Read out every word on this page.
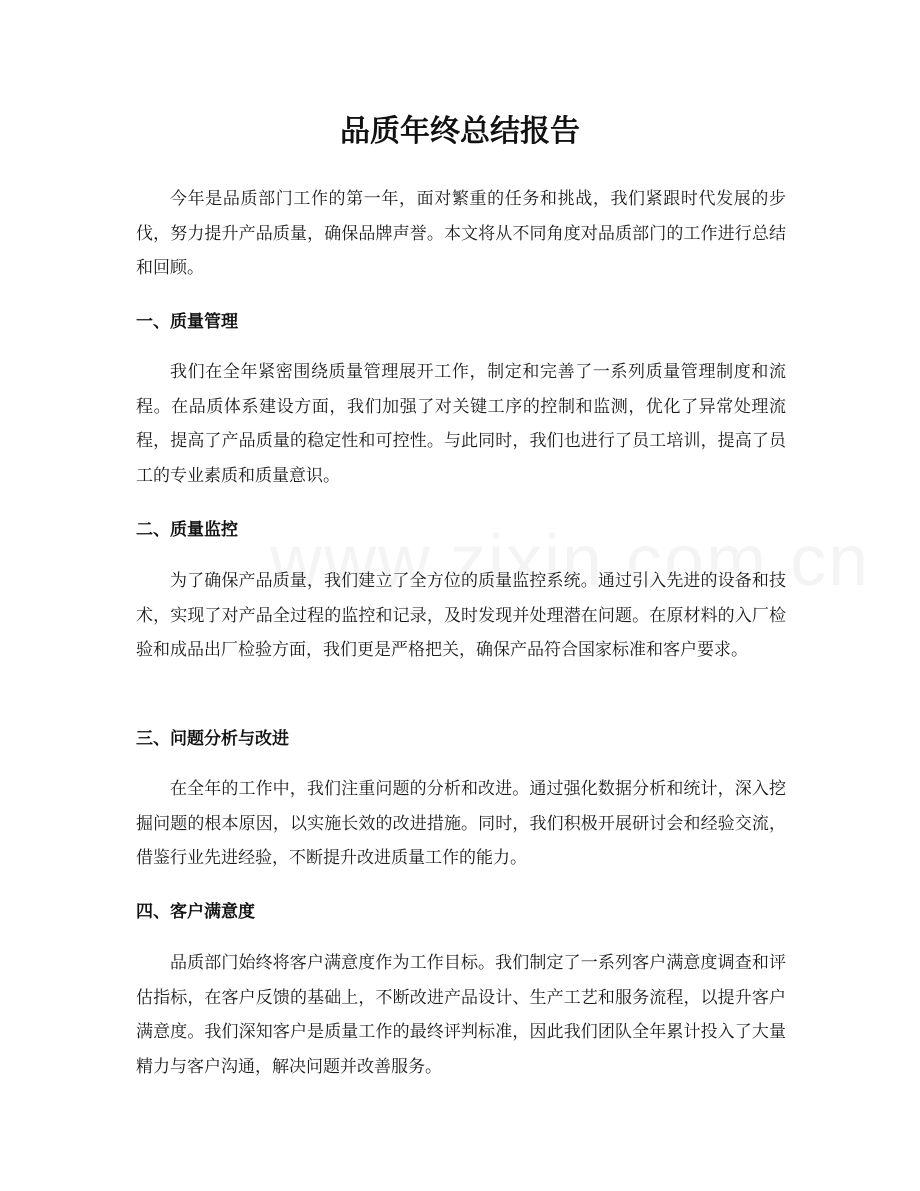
品质年终总结报告

今年是品质部门工作的第一年，面对繁重的任务和挑战，我们紧跟时代发展的步伐，努力提升产品质量，确保品牌声誉。本文将从不同角度对品质部门的工作进行总结和回顾。

一、质量管理

我们在全年紧密围绕质量管理展开工作，制定和完善了一系列质量管理制度和流程。在品质体系建设方面，我们加强了对关键工序的控制和监测，优化了异常处理流程，提高了产品质量的稳定性和可控性。与此同时，我们也进行了员工培训，提高了员工的专业素质和质量意识。

二、质量监控

为了确保产品质量，我们建立了全方位的质量监控系统。通过引入先进的设备和技术，实现了对产品全过程的监控和记录，及时发现并处理潜在问题。在原材料的入厂检验和成品出厂检验方面，我们更是严格把关，确保产品符合国家标准和客户要求。

三、问题分析与改进

在全年的工作中，我们注重问题的分析和改进。通过强化数据分析和统计，深入挖掘问题的根本原因，以实施长效的改进措施。同时，我们积极开展研讨会和经验交流，借鉴行业先进经验，不断提升改进质量工作的能力。

四、客户满意度

品质部门始终将客户满意度作为工作目标。我们制定了一系列客户满意度调查和评估指标，在客户反馈的基础上，不断改进产品设计、生产工艺和服务流程，以提升客户满意度。我们深知客户是质量工作的最终评判标准，因此我们团队全年累计投入了大量精力与客户沟通，解决问题并改善服务。
